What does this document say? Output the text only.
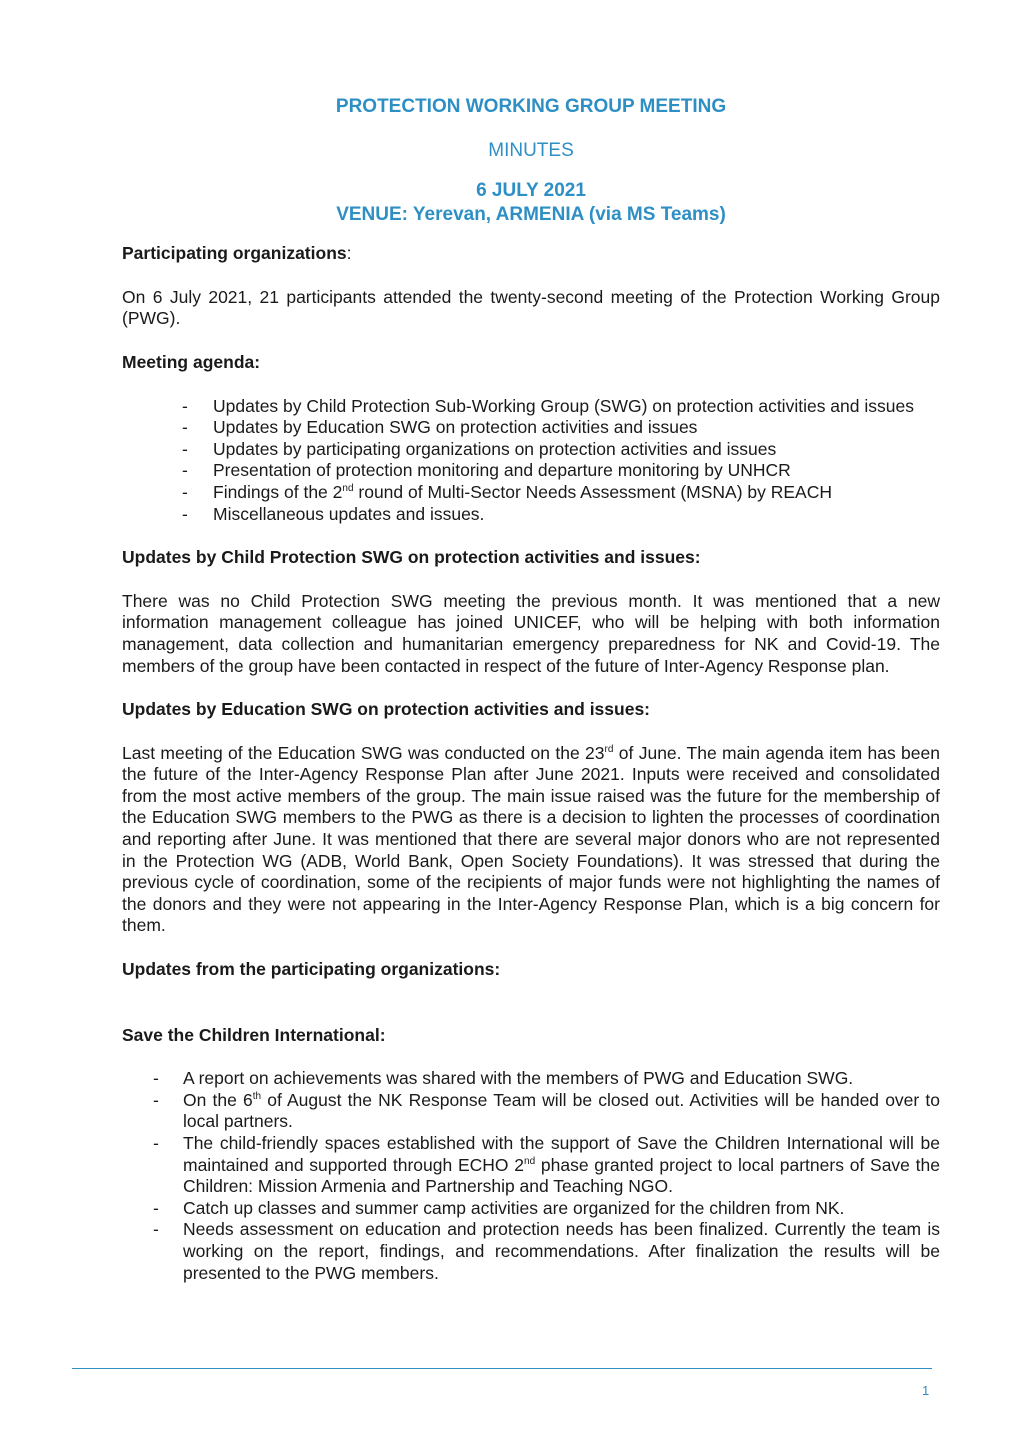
PROTECTION WORKING GROUP MEETING
MINUTES
6 JULY 2021
VENUE: Yerevan, ARMENIA (via MS Teams)
Participating organizations:
On 6 July 2021, 21 participants attended the twenty-second meeting of the Protection Working Group (PWG).
Meeting agenda:
- Updates by Child Protection Sub-Working Group (SWG) on protection activities and issues
- Updates by Education SWG on protection activities and issues
- Updates by participating organizations on protection activities and issues
- Presentation of protection monitoring and departure monitoring by UNHCR
- Findings of the 2nd round of Multi-Sector Needs Assessment (MSNA) by REACH
- Miscellaneous updates and issues.
Updates by Child Protection SWG on protection activities and issues:
There was no Child Protection SWG meeting the previous month. It was mentioned that a new information management colleague has joined UNICEF, who will be helping with both information management, data collection and humanitarian emergency preparedness for NK and Covid-19. The members of the group have been contacted in respect of the future of Inter-Agency Response plan.
Updates by Education SWG on protection activities and issues:
Last meeting of the Education SWG was conducted on the 23rd of June. The main agenda item has been the future of the Inter-Agency Response Plan after June 2021. Inputs were received and consolidated from the most active members of the group. The main issue raised was the future for the membership of the Education SWG members to the PWG as there is a decision to lighten the processes of coordination and reporting after June. It was mentioned that there are several major donors who are not represented in the Protection WG (ADB, World Bank, Open Society Foundations). It was stressed that during the previous cycle of coordination, some of the recipients of major funds were not highlighting the names of the donors and they were not appearing in the Inter-Agency Response Plan, which is a big concern for them.
Updates from the participating organizations:
Save the Children International:
- A report on achievements was shared with the members of PWG and Education SWG.
- On the 6th of August the NK Response Team will be closed out. Activities will be handed over to local partners.
- The child-friendly spaces established with the support of Save the Children International will be maintained and supported through ECHO 2nd phase granted project to local partners of Save the Children: Mission Armenia and Partnership and Teaching NGO.
- Catch up classes and summer camp activities are organized for the children from NK.
- Needs assessment on education and protection needs has been finalized. Currently the team is working on the report, findings, and recommendations. After finalization the results will be presented to the PWG members.
1
